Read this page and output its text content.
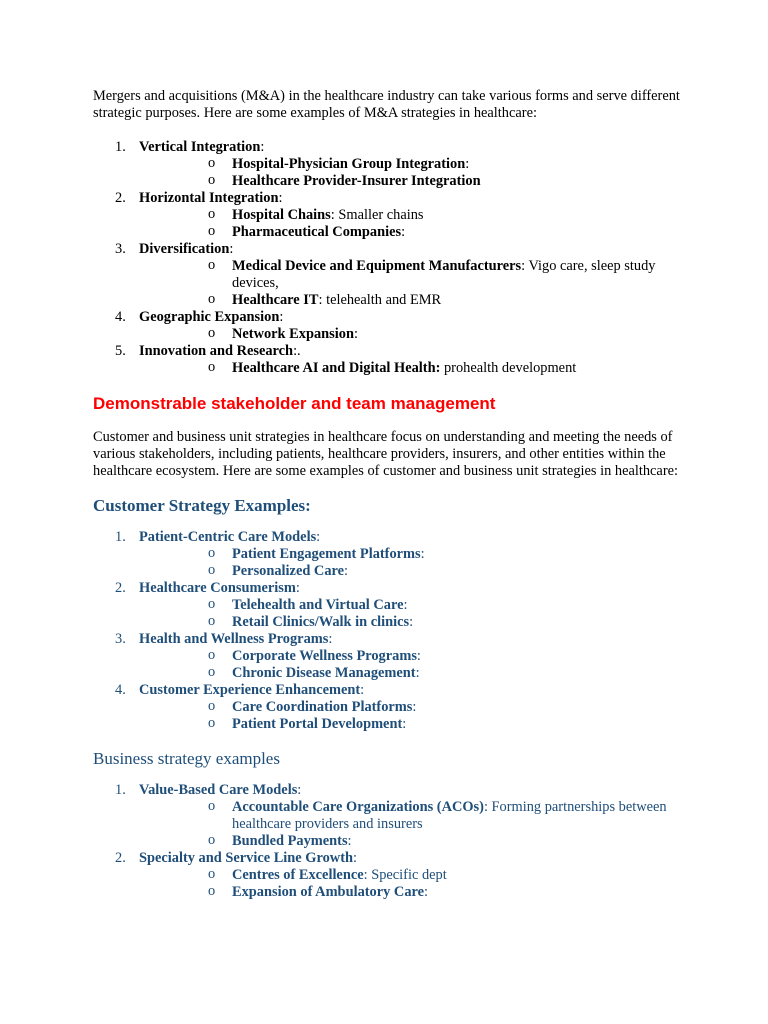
Mergers and acquisitions (M&A) in the healthcare industry can take various forms and serve different strategic purposes. Here are some examples of M&A strategies in healthcare:

1. Vertical Integration:
o Hospital-Physician Group Integration:
o Healthcare Provider-Insurer Integration
2. Horizontal Integration:
o Hospital Chains: Smaller chains
o Pharmaceutical Companies:
3. Diversification:
o Medical Device and Equipment Manufacturers: Vigo care, sleep study devices,
o Healthcare IT: telehealth and EMR
4. Geographic Expansion:
o Network Expansion:
5. Innovation and Research:.
o Healthcare AI and Digital Health: prohealth development
Demonstrable stakeholder and team management

Customer and business unit strategies in healthcare focus on understanding and meeting the needs of various stakeholders, including patients, healthcare providers, insurers, and other entities within the healthcare ecosystem. Here are some examples of customer and business unit strategies in healthcare:

Customer Strategy Examples:
1. Patient-Centric Care Models:
o Patient Engagement Platforms:
o Personalized Care:
2. Healthcare Consumerism:
o Telehealth and Virtual Care:
o Retail Clinics/Walk in clinics:
3. Health and Wellness Programs:
o Corporate Wellness Programs:
o Chronic Disease Management:
4. Customer Experience Enhancement:
o Care Coordination Platforms:
o Patient Portal Development:
Business strategy examples
1. Value-Based Care Models:
o Accountable Care Organizations (ACOs): Forming partnerships between healthcare providers and insurers
o Bundled Payments:
2. Specialty and Service Line Growth:
o Centres of Excellence: Specific dept
o Expansion of Ambulatory Care:
